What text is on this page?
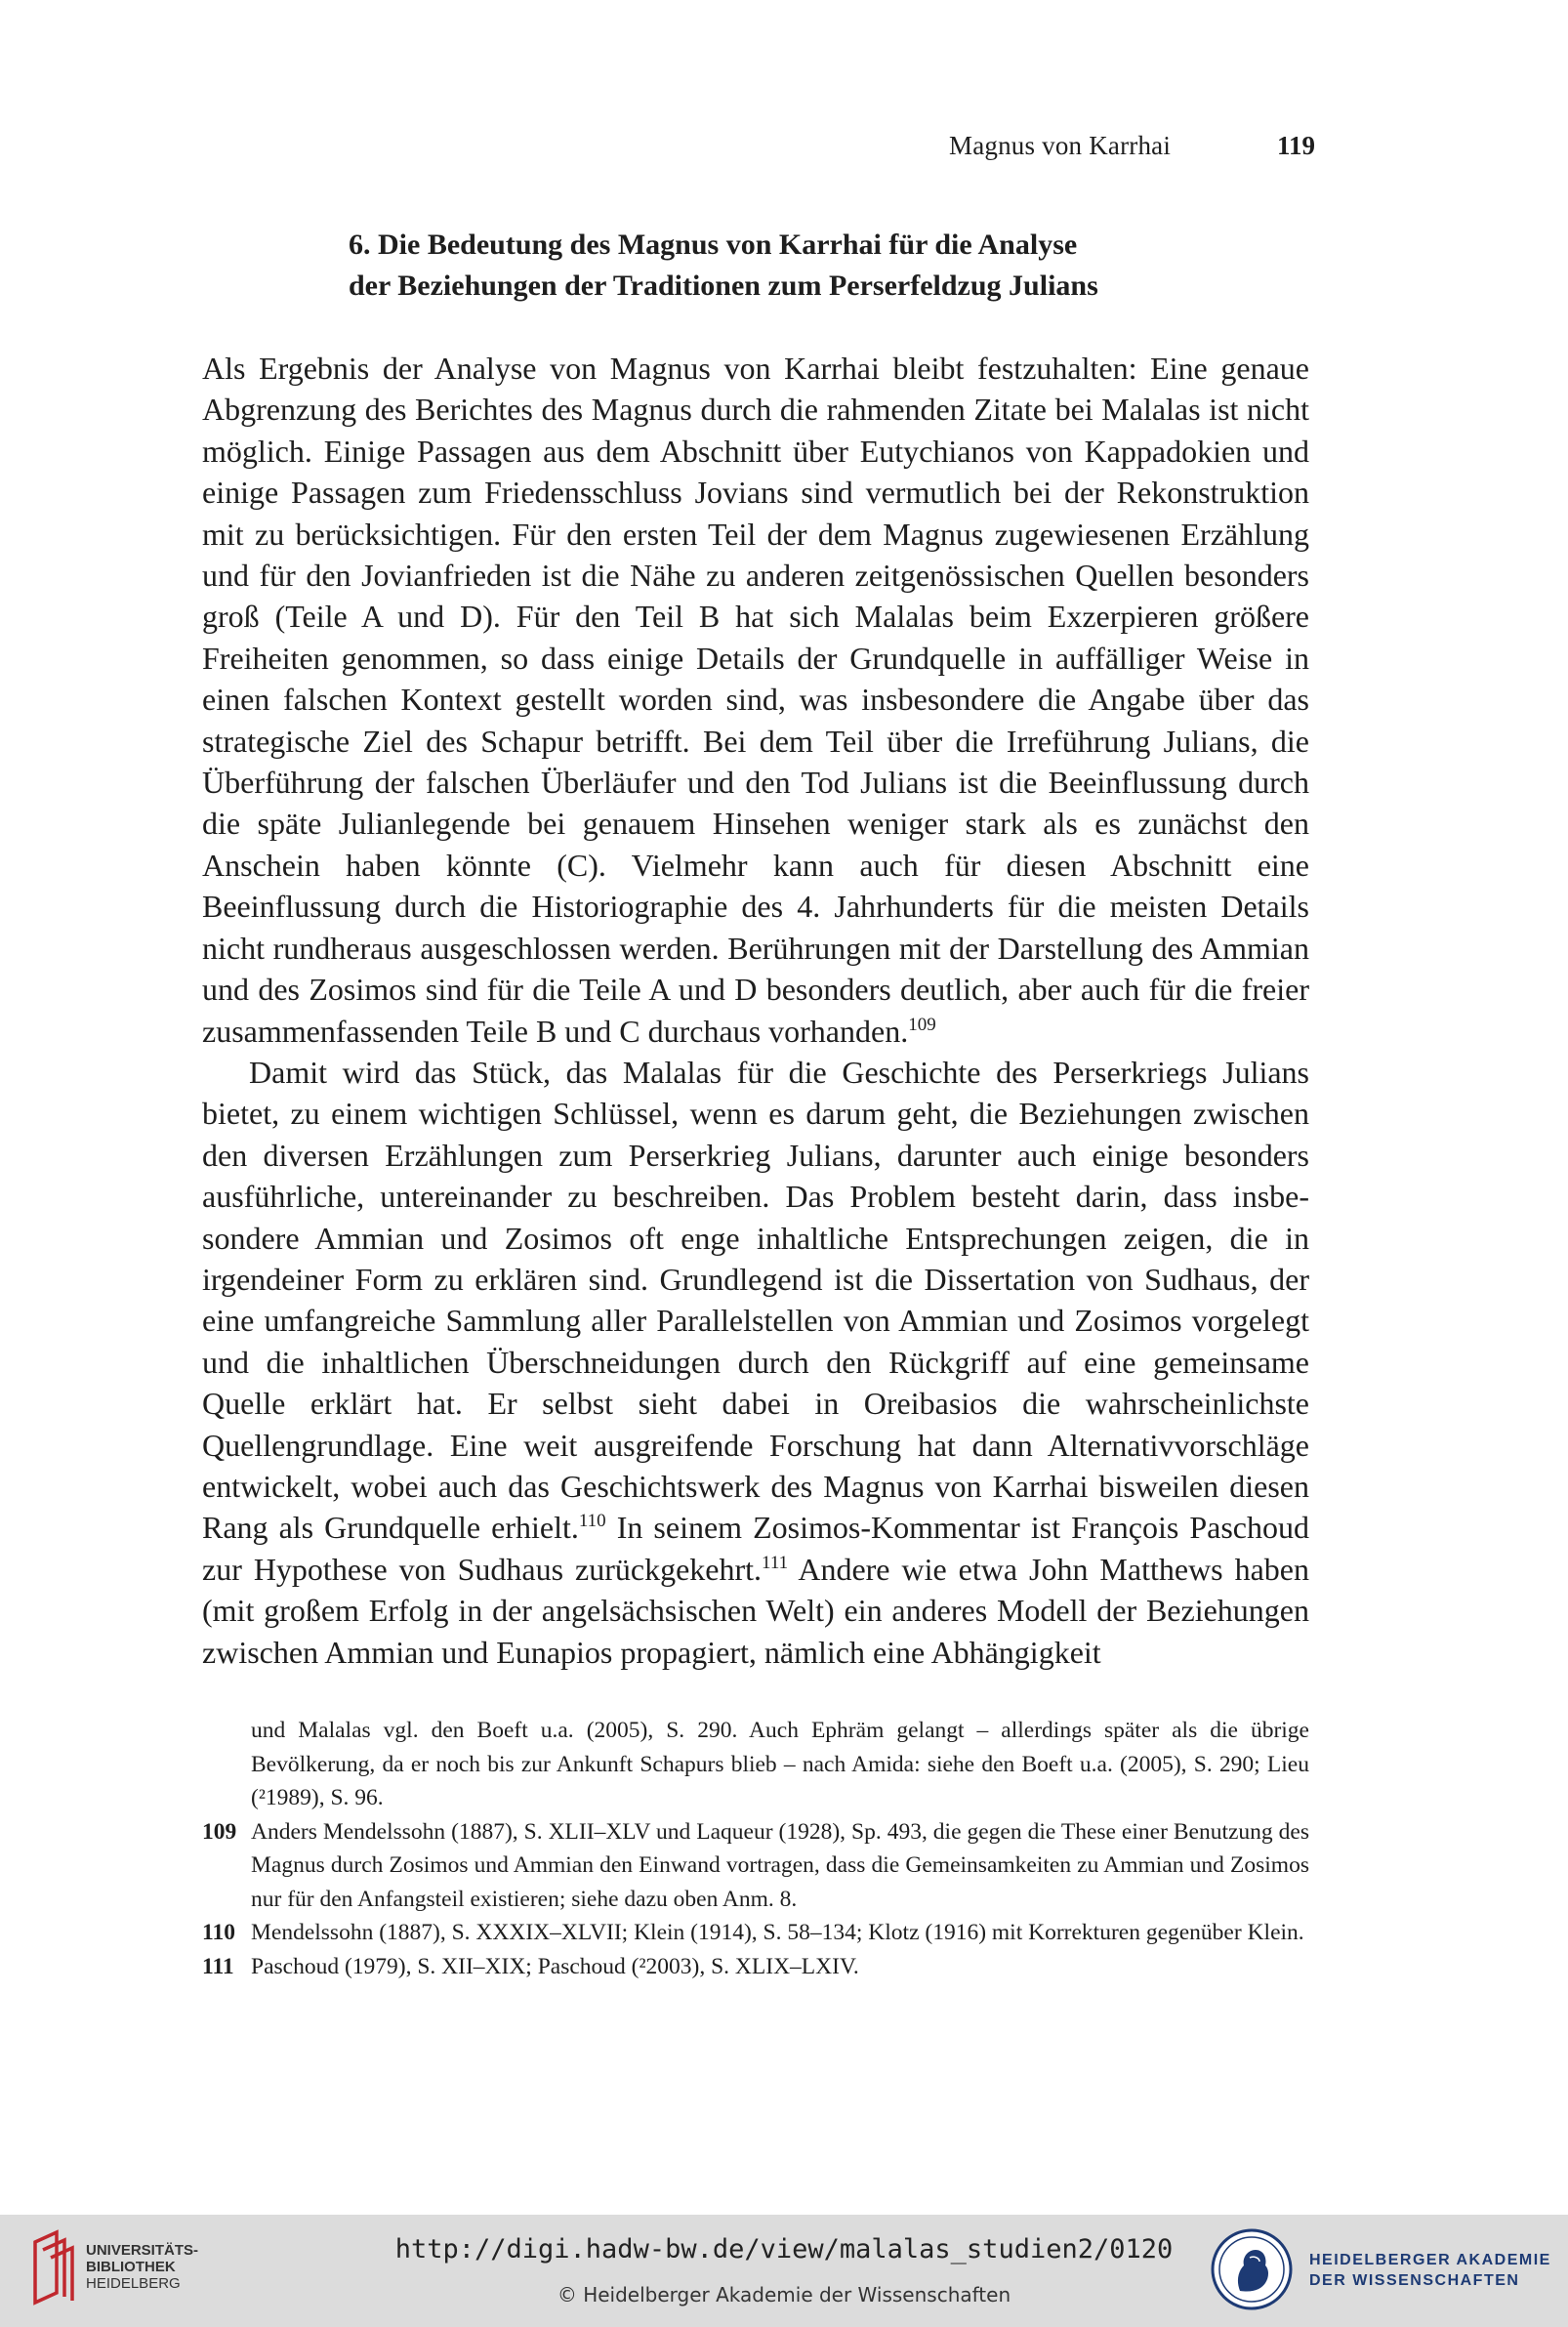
Magnus von Karrhai	119
6. Die Bedeutung des Magnus von Karrhai für die Analyse
der Beziehungen der Traditionen zum Perserfeldzug Julians

Als Ergebnis der Analyse von Magnus von Karrhai bleibt festzuhalten: Eine genaue Abgrenzung des Berichtes des Magnus durch die rahmenden Zitate bei Malalas ist nicht möglich. Einige Passagen aus dem Abschnitt über Eutychianos von Kappadokien und einige Passagen zum Friedensschluss Jovians sind vermutlich bei der Rekonstruktion mit zu berücksichtigen. Für den ersten Teil der dem Magnus zugewiesenen Erzählung und für den Jovianfrieden ist die Nähe zu anderen zeitgenössischen Quellen besonders groß (Teile A und D). Für den Teil B hat sich Malalas beim Exzerpieren größere Freiheiten genommen, so dass einige Details der Grundquelle in auffälliger Weise in einen falschen Kontext gestellt worden sind, was insbesondere die Angabe über das strategische Ziel des Schapur betrifft. Bei dem Teil über die Irreführung Julians, die Überführung der falschen Überläufer und den Tod Julians ist die Beeinflussung durch die späte Julianlegende bei genauem Hinsehen weniger stark als es zunächst den Anschein haben könnte (C). Vielmehr kann auch für diesen Abschnitt eine Beeinflussung durch die Historiographie des 4. Jahrhunderts für die meisten Details nicht rundheraus ausgeschlossen werden. Berührungen mit der Darstellung des Ammian und des Zosimos sind für die Teile A und D besonders deutlich, aber auch für die freier zusammenfassenden Teile B und C durchaus vorhanden.$^{109}$

Damit wird das Stück, das Malalas für die Geschichte des Perserkriegs Julians bietet, zu einem wichtigen Schlüssel, wenn es darum geht, die Beziehungen zwischen den diversen Erzählungen zum Perserkrieg Julians, darunter auch einige besonders ausführliche, untereinander zu beschreiben. Das Problem besteht darin, dass insbesondere Ammian und Zosimos oft enge inhaltliche Entsprechungen zeigen, die in irgendeiner Form zu erklären sind. Grundlegend ist die Dissertation von Sudhaus, der eine umfangreiche Sammlung aller Parallelstellen von Ammian und Zosimos vorgelegt und die inhaltlichen Überschneidungen durch den Rückgriff auf eine gemeinsame Quelle erklärt hat. Er selbst sieht dabei in Oreibasios die wahrscheinlichste Quellengrundlage. Eine weit ausgreifende Forschung hat dann Alternativvorschläge entwickelt, wobei auch das Geschichtswerk des Magnus von Karrhai bisweilen diesen Rang als Grundquelle erhielt.$^{110}$ In seinem Zosimos-Kommentar ist François Paschoud zur Hypothese von Sudhaus zurückgekehrt.$^{111}$ Andere wie etwa John Matthews haben (mit großem Erfolg in der angelsächsischen Welt) ein anderes Modell der Beziehungen zwischen Ammian und Eunapios propagiert, nämlich eine Abhängigkeit

und Malalas vgl. den Boeft u.a. (2005), S. 290. Auch Ephräm gelangt – allerdings später als die übrige Bevölkerung, da er noch bis zur Ankunft Schapurs blieb – nach Amida: siehe den Boeft u.a. (2005), S. 290; Lieu (²1989), S. 96.
109 Anders Mendelssohn (1887), S. XLII–XLV und Laqueur (1928), Sp. 493, die gegen die These einer Benutzung des Magnus durch Zosimos und Ammian den Einwand vortragen, dass die Gemeinsamkeiten zu Ammian und Zosimos nur für den Anfangsteil existieren; siehe dazu oben Anm. 8.
110 Mendelssohn (1887), S. XXXIX–XLVII; Klein (1914), S. 58–134; Klotz (1916) mit Korrekturen gegenüber Klein.
111 Paschoud (1979), S. XII–XIX; Paschoud (²2003), S. XLIX–LXIV.
UNIVERSITÄTS-
BIBLIOTHEK
HEIDELBERG
http://digi.hadw-bw.de/view/malalas_studien2/0120
© Heidelberger Akademie der Wissenschaften
HEIDELBERGER AKADEMIE
DER WISSENSCHAFTEN
